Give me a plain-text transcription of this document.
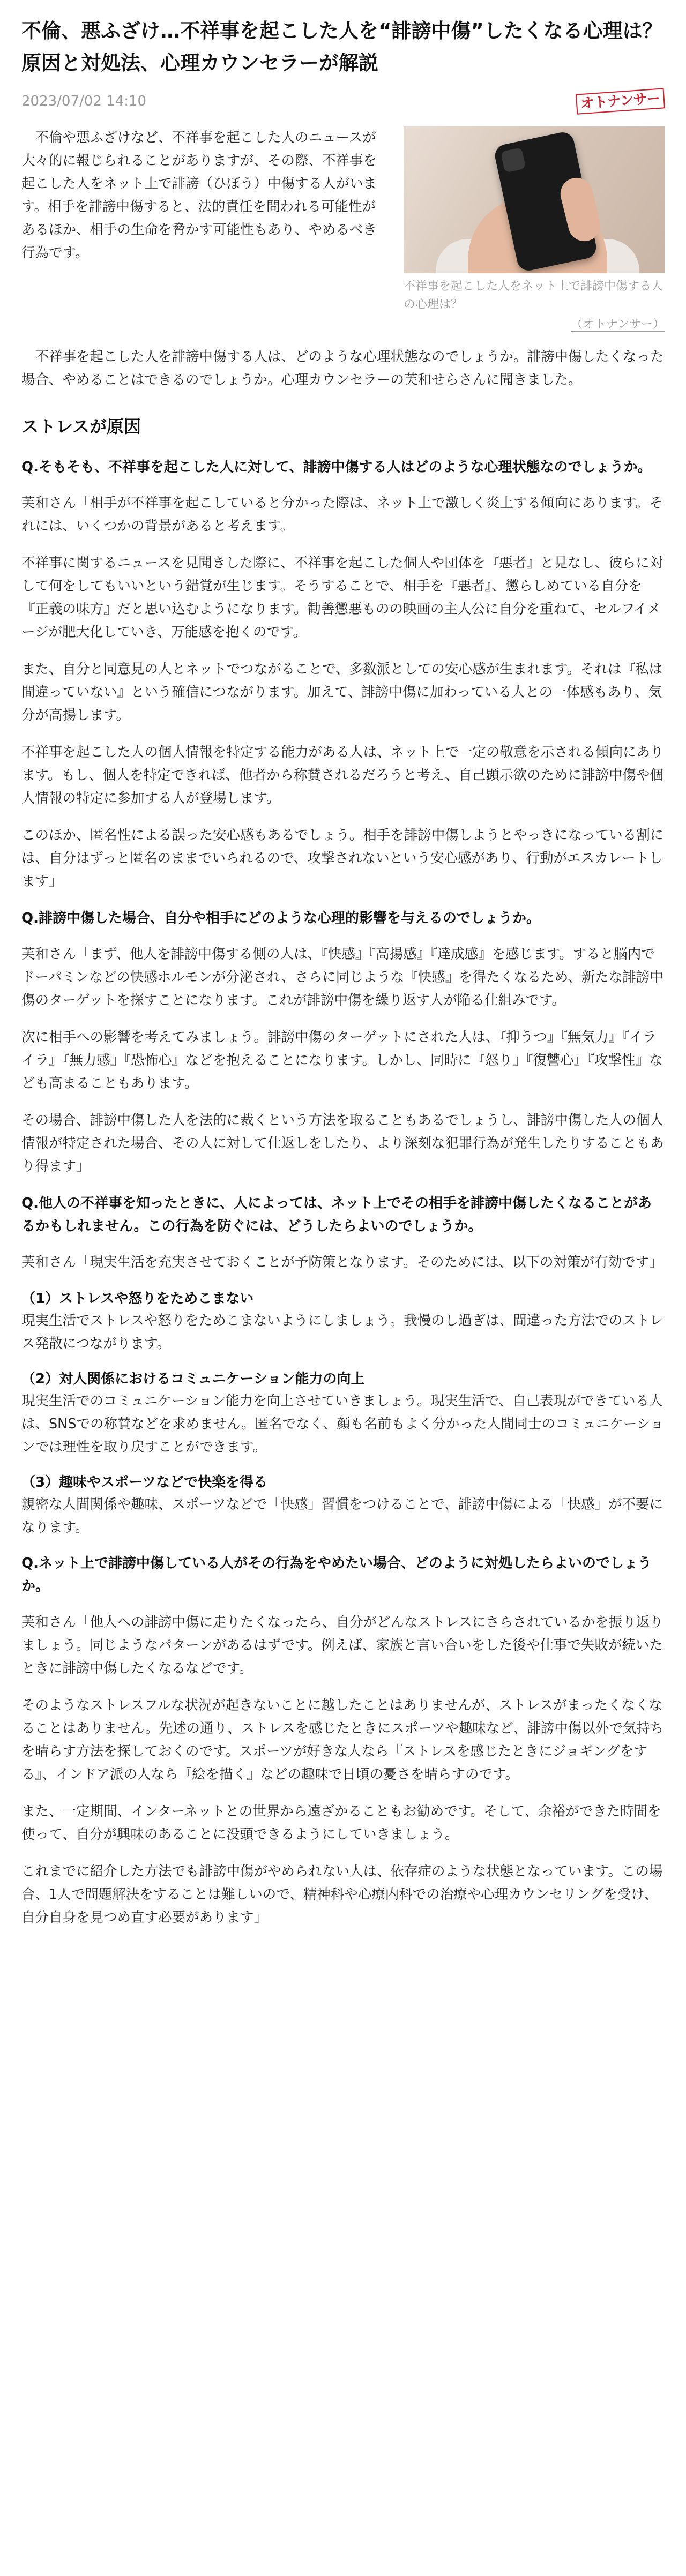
不倫、悪ふざけ…不祥事を起こした人を“誹謗中傷”したくなる心理は？　原因と対処法、心理カウンセラーが解説
2023/07/02 14:10	オトナンサー

　不倫や悪ふざけなど、不祥事を起こした人のニュースが大々的に報じられることがありますが、その際、不祥事を起こした人をネット上で誹謗（ひぼう）中傷する人がいます。相手を誹謗中傷すると、法的責任を問われる可能性があるほか、相手の生命を脅かす可能性もあり、やめるべき行為です。

不祥事を起こした人をネット上で誹謗中傷する人の心理は？

（オトナンサー）

不祥事を起こした人を誹謗中傷する人は、どのような心理状態なのでしょうか。誹謗中傷したくなった場合、やめることはできるのでしょうか。心理カウンセラーの芙和せらさんに聞きました。

ストレスが原因

Q.そもそも、不祥事を起こした人に対して、誹謗中傷する人はどのような心理状態なのでしょうか。

芙和さん「相手が不祥事を起こしていると分かった際は、ネット上で激しく炎上する傾向にあります。それには、いくつかの背景があると考えます。

不祥事に関するニュースを見聞きした際に、不祥事を起こした個人や団体を『悪者』と見なし、彼らに対して何をしてもいいという錯覚が生じます。そうすることで、相手を『悪者』、懲らしめている自分を『正義の味方』だと思い込むようになります。勧善懲悪ものの映画の主人公に自分を重ねて、セルフイメージが肥大化していき、万能感を抱くのです。

また、自分と同意見の人とネットでつながることで、多数派としての安心感が生まれます。それは『私は間違っていない』という確信につながります。加えて、誹謗中傷に加わっている人との一体感もあり、気分が高揚します。

不祥事を起こした人の個人情報を特定する能力がある人は、ネット上で一定の敬意を示される傾向にあります。もし、個人を特定できれば、他者から称賛されるだろうと考え、自己顕示欲のために誹謗中傷や個人情報の特定に参加する人が登場します。

このほか、匿名性による誤った安心感もあるでしょう。相手を誹謗中傷しようとやっきになっている割には、自分はずっと匿名のままでいられるので、攻撃されないという安心感があり、行動がエスカレートします」

Q.誹謗中傷した場合、自分や相手にどのような心理的影響を与えるのでしょうか。

芙和さん「まず、他人を誹謗中傷する側の人は、『快感』『高揚感』『達成感』を感じます。すると脳内でドーパミンなどの快感ホルモンが分泌され、さらに同じような『快感』を得たくなるため、新たな誹謗中傷のターゲットを探すことになります。これが誹謗中傷を繰り返す人が陥る仕組みです。

次に相手への影響を考えてみましょう。誹謗中傷のターゲットにされた人は、『抑うつ』『無気力』『イライラ』『無力感』『恐怖心』などを抱えることになります。しかし、同時に『怒り』『復讐心』『攻撃性』なども高まることもあります。

その場合、誹謗中傷した人を法的に裁くという方法を取ることもあるでしょうし、誹謗中傷した人の個人情報が特定された場合、その人に対して仕返しをしたり、より深刻な犯罪行為が発生したりすることもあり得ます」

Q.他人の不祥事を知ったときに、人によっては、ネット上でその相手を誹謗中傷したくなることがあるかもしれません。この行為を防ぐには、どうしたらよいのでしょうか。

芙和さん「現実生活を充実させておくことが予防策となります。そのためには、以下の対策が有効です」

（1）ストレスや怒りをためこまない

現実生活でストレスや怒りをためこまないようにしましょう。我慢のし過ぎは、間違った方法でのストレス発散につながります。

（2）対人関係におけるコミュニケーション能力の向上

現実生活でのコミュニケーション能力を向上させていきましょう。現実生活で、自己表現ができている人は、SNSでの称賛などを求めません。匿名でなく、顔も名前もよく分かった人間同士のコミュニケーションでは理性を取り戻すことができます。

（3）趣味やスポーツなどで快楽を得る

親密な人間関係や趣味、スポーツなどで「快感」習慣をつけることで、誹謗中傷による「快感」が不要になります。

Q.ネット上で誹謗中傷している人がその行為をやめたい場合、どのように対処したらよいのでしょうか。

芙和さん「他人への誹謗中傷に走りたくなったら、自分がどんなストレスにさらされているかを振り返りましょう。同じようなパターンがあるはずです。例えば、家族と言い合いをした後や仕事で失敗が続いたときに誹謗中傷したくなるなどです。

そのようなストレスフルな状況が起きないことに越したことはありませんが、ストレスがまったくなくなることはありません。先述の通り、ストレスを感じたときにスポーツや趣味など、誹謗中傷以外で気持ちを晴らす方法を探しておくのです。スポーツが好きな人なら『ストレスを感じたときにジョギングをする』、インドア派の人なら『絵を描く』などの趣味で日頃の憂さを晴らすのです。

また、一定期間、インターネットとの世界から遠ざかることもお勧めです。そして、余裕ができた時間を使って、自分が興味のあることに没頭できるようにしていきましょう。

これまでに紹介した方法でも誹謗中傷がやめられない人は、依存症のような状態となっています。この場合、1人で問題解決をすることは難しいので、精神科や心療内科での治療や心理カウンセリングを受け、自分自身を見つめ直す必要があります」
